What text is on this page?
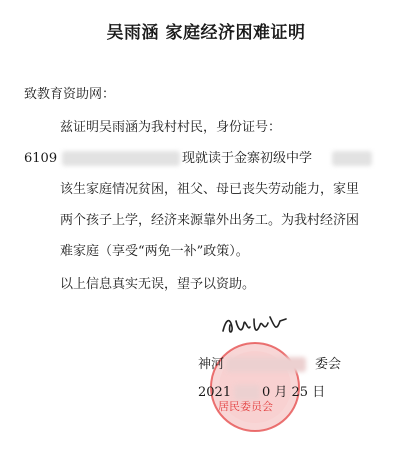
吴雨涵 家庭经济困难证明
致教育资助网：
兹证明吴雨涵为我村村民，身份证号：
6109	现就读于金寨初级中学
该生家庭情况贫困，祖父、母已丧失劳动能力，家里
两个孩子上学，经济来源靠外出务工。为我村经济困
难家庭（享受“两免一补”政策）。
以上信息真实无误，望予以资助。
居民委员会
神河	委会
2021 0 月 25 日
